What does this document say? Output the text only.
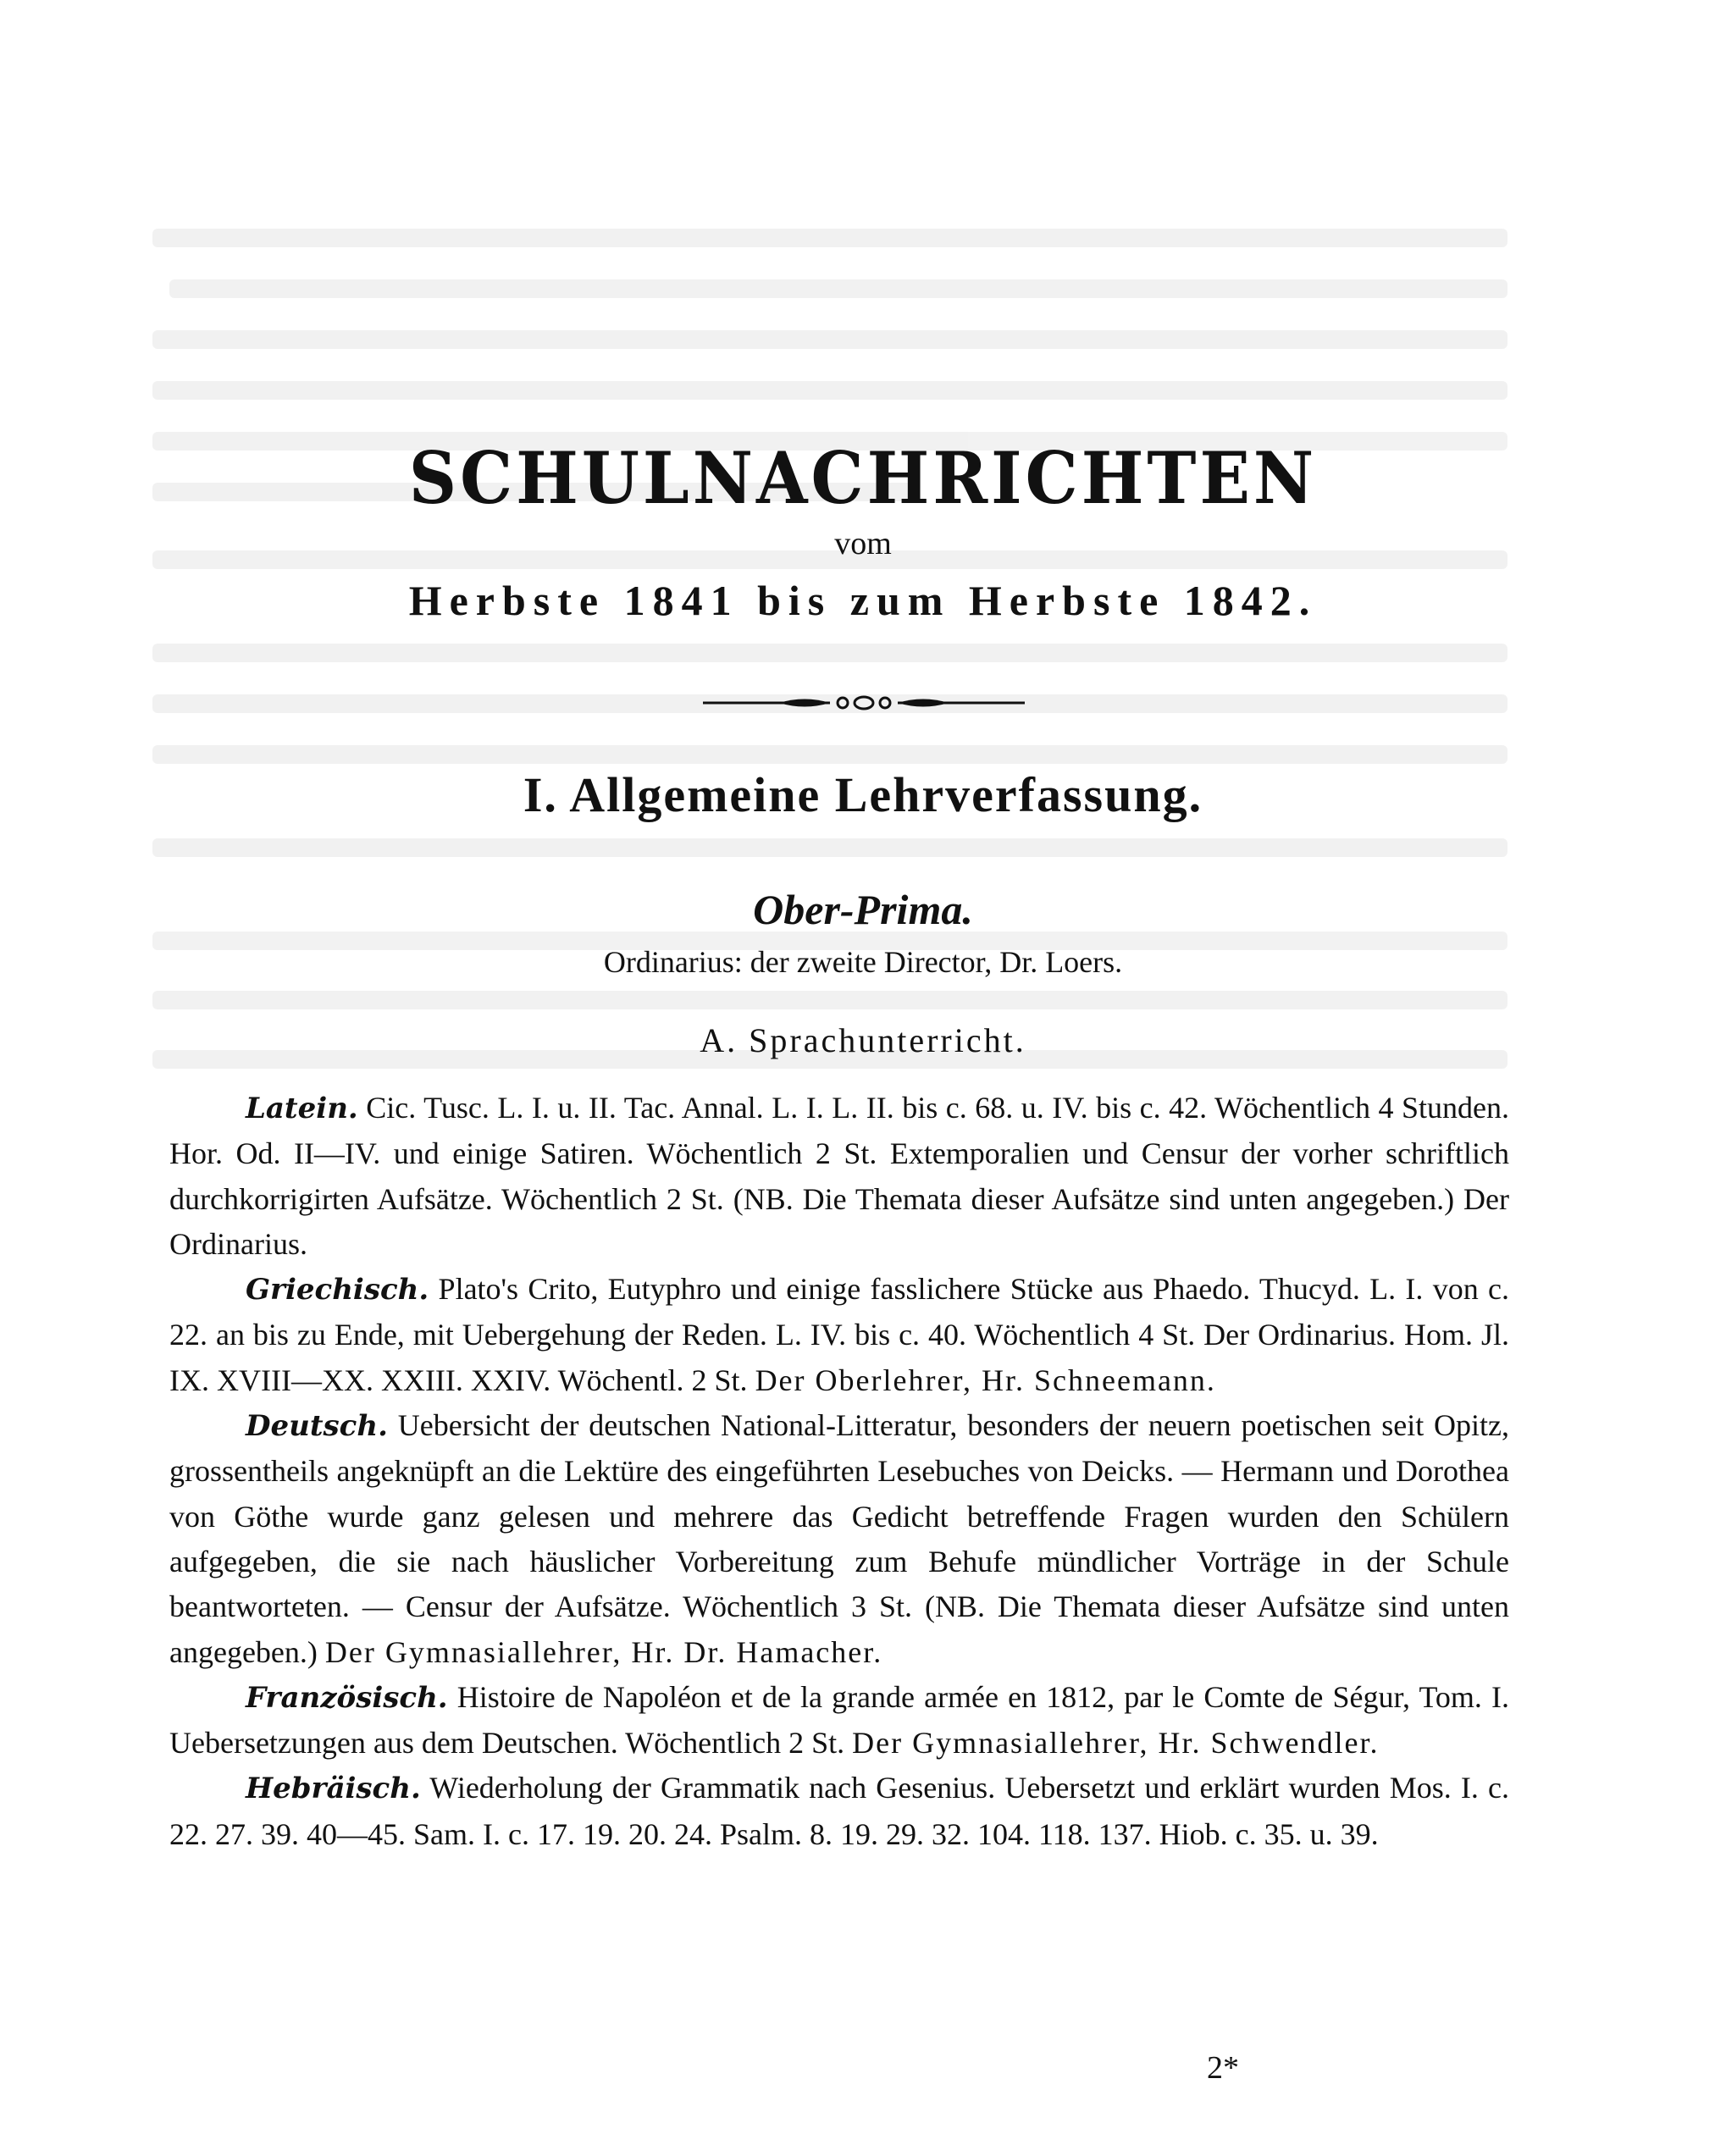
SCHULNACHRICHTEN
vom
Herbste 1841 bis zum Herbste 1842.
I. Allgemeine Lehrverfassung.
Ober-Prima.
Ordinarius: der zweite Director, Dr. Loers.
A. Sprachunterricht.

Latein. Cic. Tusc. L. I. u. II. Tac. Annal. L. I. L. II. bis c. 68. u. IV. bis c. 42. Wöchentlich 4 Stunden. Hor. Od. II—IV. und einige Satiren. Wöchentlich 2 St. Extemporalien und Censur der vorher schriftlich durchkorrigirten Aufsätze. Wöchentlich 2 St. (NB. Die Themata dieser Aufsätze sind unten angegeben.) Der Ordinarius.

Griechisch. Plato's Crito, Eutyphro und einige fasslichere Stücke aus Phaedo. Thucyd. L. I. von c. 22. an bis zu Ende, mit Uebergehung der Reden. L. IV. bis c. 40. Wöchentlich 4 St. Der Ordinarius. Hom. Jl. IX. XVIII—XX. XXIII. XXIV. Wöchentl. 2 St. Der Oberlehrer, Hr. Schneemann.

Deutsch. Uebersicht der deutschen National-Litteratur, besonders der neuern poetischen seit Opitz, grossentheils angeknüpft an die Lektüre des eingeführten Lesebuches von Deicks. — Hermann und Dorothea von Göthe wurde ganz gelesen und mehrere das Gedicht betreffende Fragen wurden den Schülern aufgegeben, die sie nach häuslicher Vorbereitung zum Behufe mündlicher Vorträge in der Schule beantworteten. — Censur der Aufsätze. Wöchentlich 3 St. (NB. Die Themata dieser Aufsätze sind unten angegeben.) Der Gymnasiallehrer, Hr. Dr. Hamacher.

Französisch. Histoire de Napoléon et de la grande armée en 1812, par le Comte de Ségur, Tom. I. Uebersetzungen aus dem Deutschen. Wöchentlich 2 St. Der Gymnasiallehrer, Hr. Schwendler.

Hebräisch. Wiederholung der Grammatik nach Gesenius. Uebersetzt und erklärt wurden Mos. I. c. 22. 27. 39. 40—45. Sam. I. c. 17. 19. 20. 24. Psalm. 8. 19. 29. 32. 104. 118. 137. Hiob. c. 35. u. 39.

2*
